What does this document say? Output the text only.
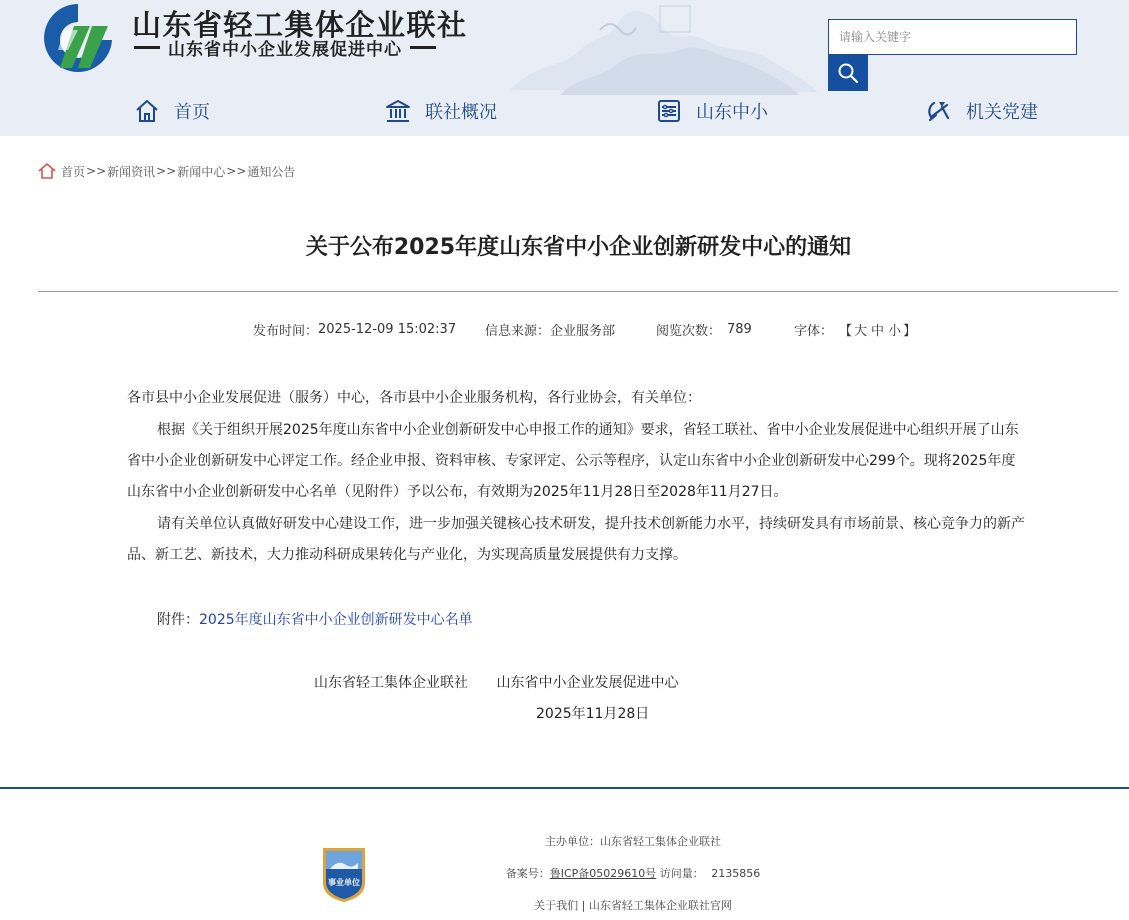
山东省轻工集体企业联社
山东省中小企业发展促进中心
请输入关键字
首页	联社概况	山东中小	机关党建
首页 >> 新闻资讯 >> 新闻中心 >> 通知公告
关于公布2025年度山东省中小企业创新研发中心的通知
发布时间： 2025-12-09 15:02:37 信息来源： 企业服务部	阅览次数： 789	字体： 【 大 中 小 】

各市县中小企业发展促进（服务）中心，各市县中小企业服务机构，各行业协会，有关单位：

根据《关于组织开展2025年度山东省中小企业创新研发中心申报工作的通知》要求，省轻工联社、省中小企业发展促进中心组织开展了山东省中小企业创新研发中心评定工作。经企业申报、资料审核、专家评定、公示等程序，认定山东省中小企业创新研发中心299个。现将2025年度山东省中小企业创新研发中心名单（见附件）予以公布，有效期为2025年11月28日至2028年11月27日。

请有关单位认真做好研发中心建设工作，进一步加强关键核心技术研发，提升技术创新能力水平，持续研发具有市场前景、核心竞争力的新产品、新工艺、新技术，大力推动科研成果转化与产业化，为实现高质量发展提供有力支撑。

附件：2025年度山东省中小企业创新研发中心名单
山东省轻工集体企业联社 山东省中小企业发展促进中心
2025年11月28日
事业单位
主办单位：山东省轻工集体企业联社
备案号：鲁ICP备05029610号 访问量： 2135856
关于我们 | 山东省轻工集体企业联社官网
